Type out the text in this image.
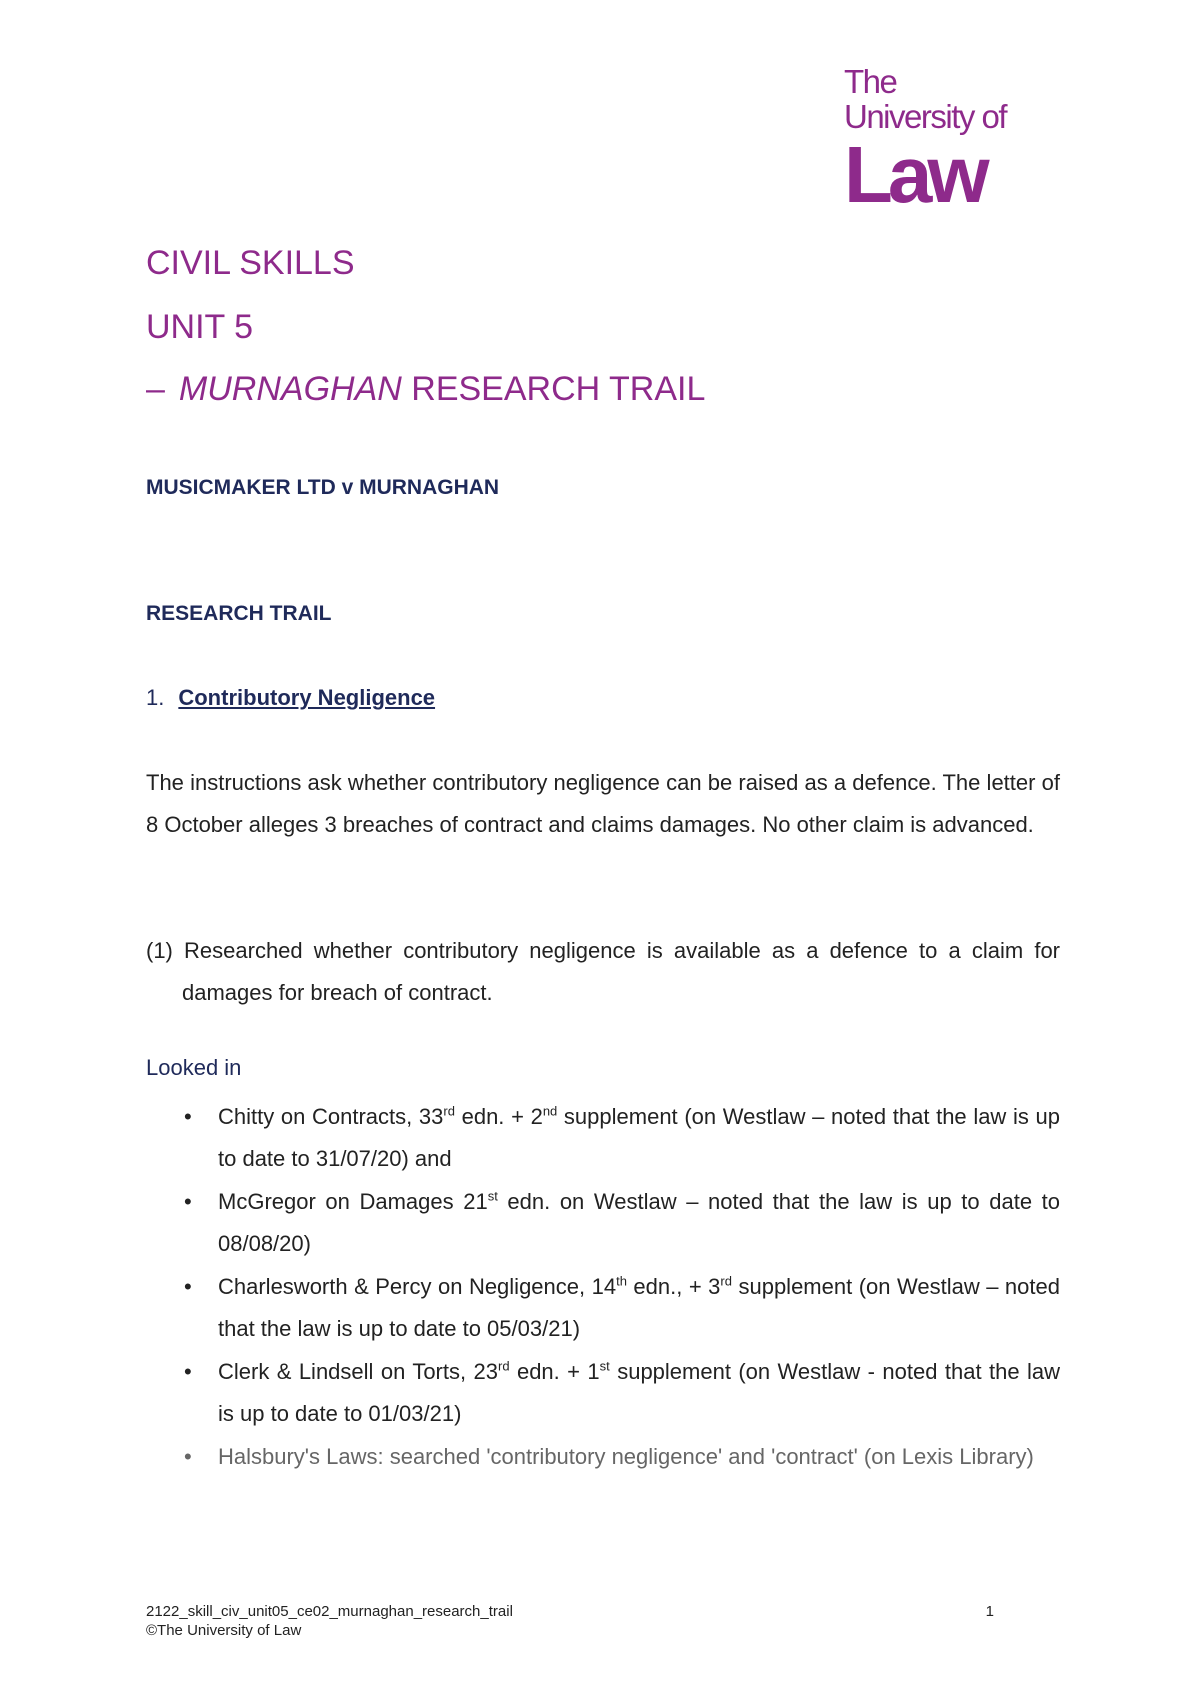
The
University of
Law
CIVIL SKILLS
UNIT 5
– MURNAGHAN RESEARCH TRAIL

MUSICMAKER LTD v MURNAGHAN

RESEARCH TRAIL

1. Contributory Negligence

The instructions ask whether contributory negligence can be raised as a defence. The letter of 8 October alleges 3 breaches of contract and claims damages. No other claim is advanced.

(1) Researched whether contributory negligence is available as a defence to a claim for damages for breach of contract.

Looked in

• Chitty on Contracts, 33rd edn. + 2nd supplement (on Westlaw – noted that the law is up to date to 31/07/20) and
• McGregor on Damages 21st edn. on Westlaw – noted that the law is up to date to 08/08/20)
• Charlesworth & Percy on Negligence, 14th edn., + 3rd supplement (on Westlaw – noted that the law is up to date to 05/03/21)
• Clerk & Lindsell on Torts, 23rd edn. + 1st supplement (on Westlaw - noted that the law is up to date to 01/03/21)
• Halsbury's Laws: searched 'contributory negligence' and 'contract' (on Lexis Library)
2122_skill_civ_unit05_ce02_murnaghan_research_trail
©The University of Law
1
